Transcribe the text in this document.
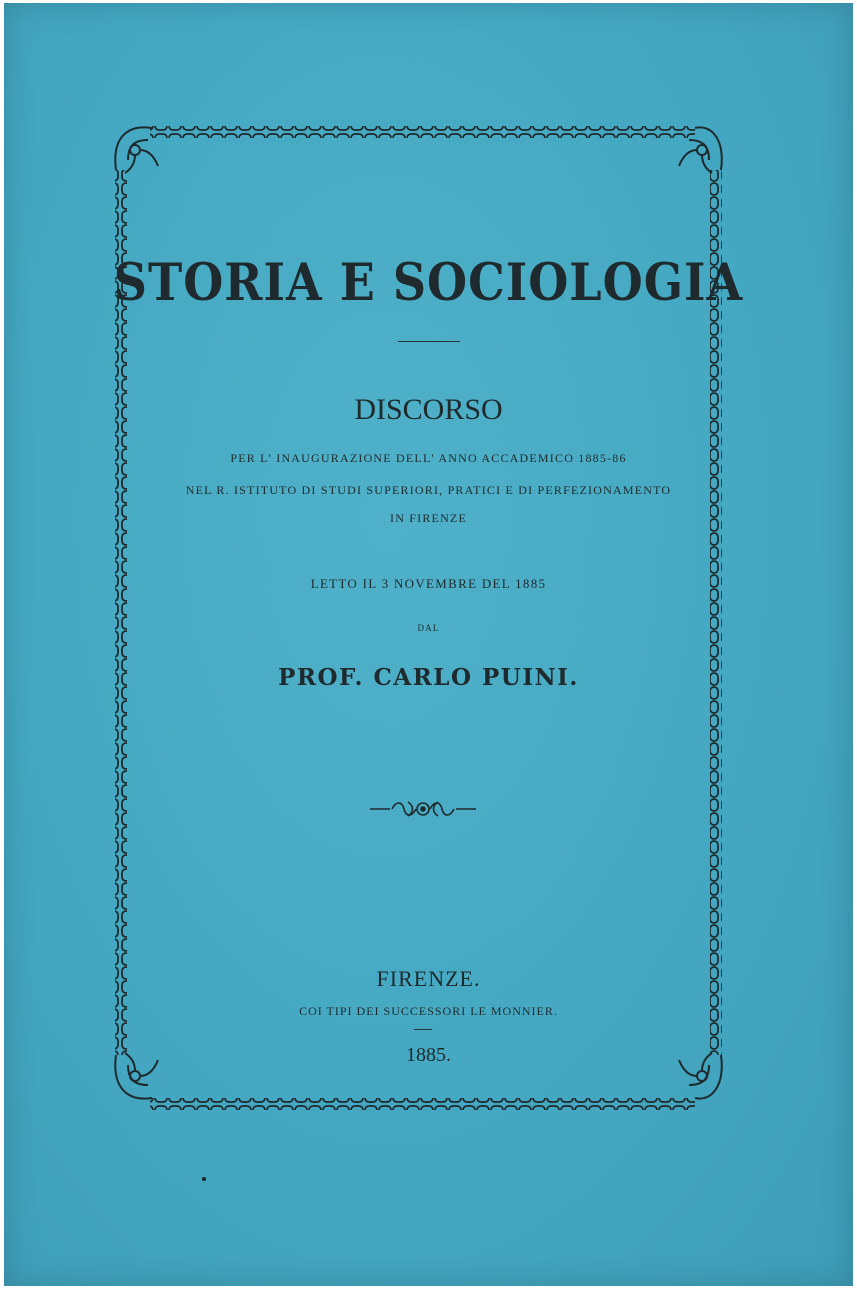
STORIA E SOCIOLOGIA
DISCORSO
PER L' INAUGURAZIONE DELL' ANNO ACCADEMICO 1885-86
NEL R. ISTITUTO DI STUDI SUPERIORI, PRATICI E DI PERFEZIONAMENTO
IN FIRENZE
LETTO IL 3 NOVEMBRE DEL 1885
DAL
PROF. CARLO PUINI.
FIRENZE.
COI TIPI DEI SUCCESSORI LE MONNIER.
1885.
